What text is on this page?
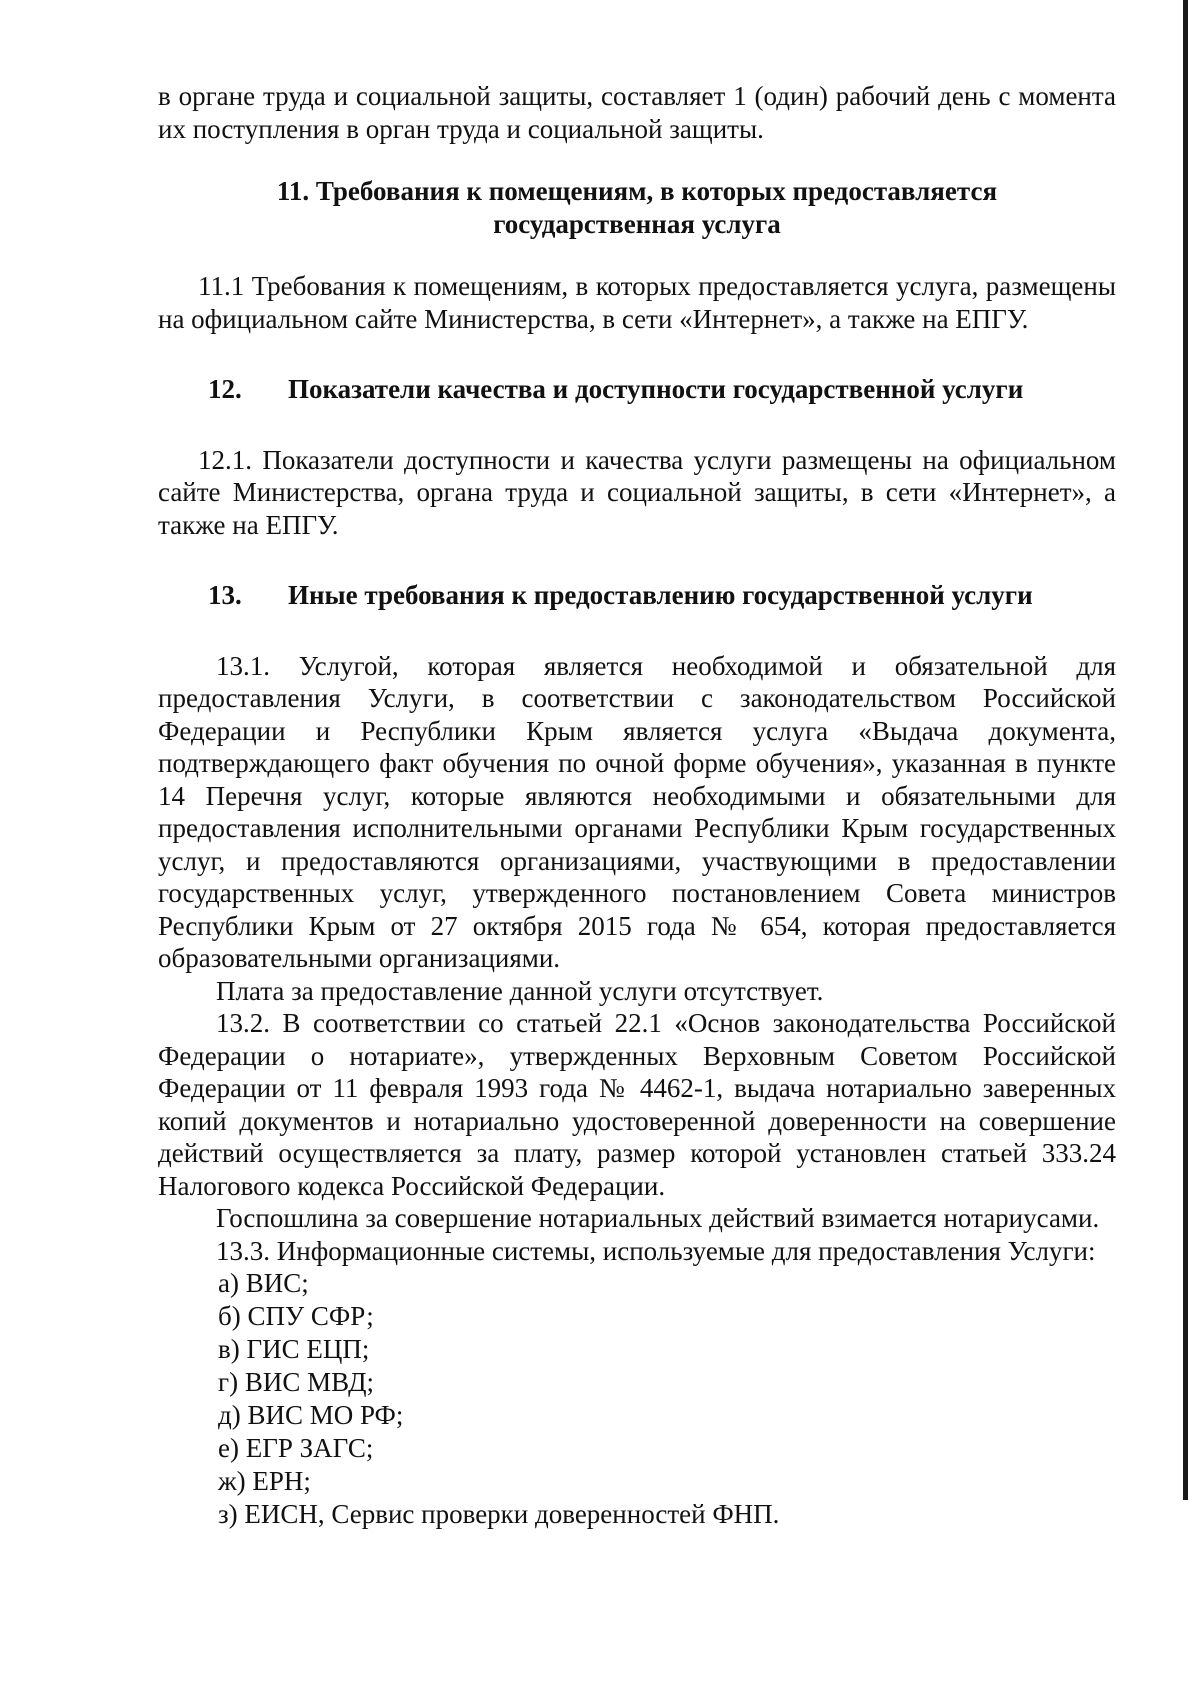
в органе труда и социальной защиты, составляет 1 (один) рабочий день с момента их поступления в орган труда и социальной защиты.

11. Требования к помещениям, в которых предоставляется

государственная услуга

11.1 Требования к помещениям, в которых предоставляется услуга, размещены на официальном сайте Министерства, в сети «Интернет», а также на ЕПГУ.

12.	Показатели качества и доступности государственной услуги

12.1. Показатели доступности и качества услуги размещены на официальном сайте Министерства, органа труда и социальной защиты, в сети «Интернет», а также на ЕПГУ.

13.	Иные требования к предоставлению государственной услуги

13.1. Услугой, которая является необходимой и обязательной для предоставления Услуги, в соответствии с законодательством Российской Федерации и Республики Крым является услуга «Выдача документа, подтверждающего факт обучения по очной форме обучения», указанная в пункте 14 Перечня услуг, которые являются необходимыми и обязательными для предоставления исполнительными органами Республики Крым государственных услуг, и предоставляются организациями, участвующими в предоставлении государственных услуг, утвержденного постановлением Совета министров Республики Крым от 27 октября 2015 года № 654, которая предоставляется образовательными организациями.

Плата за предоставление данной услуги отсутствует.

13.2. В соответствии со статьей 22.1 «Основ законодательства Российской Федерации о нотариате», утвержденных Верховным Советом Российской Федерации от 11 февраля 1993 года № 4462-1, выдача нотариально заверенных копий документов и нотариально удостоверенной доверенности на совершение действий осуществляется за плату, размер которой установлен статьей 333.24 Налогового кодекса Российской Федерации.

Госпошлина за совершение нотариальных действий взимается нотариусами.

13.3. Информационные системы, используемые для предоставления Услуги:

а) ВИС;

б) СПУ СФР;

в) ГИС ЕЦП;

г) ВИС МВД;

д) ВИС МО РФ;

е) ЕГР ЗАГС;

ж) ЕРН;

з) ЕИСН, Сервис проверки доверенностей ФНП.
